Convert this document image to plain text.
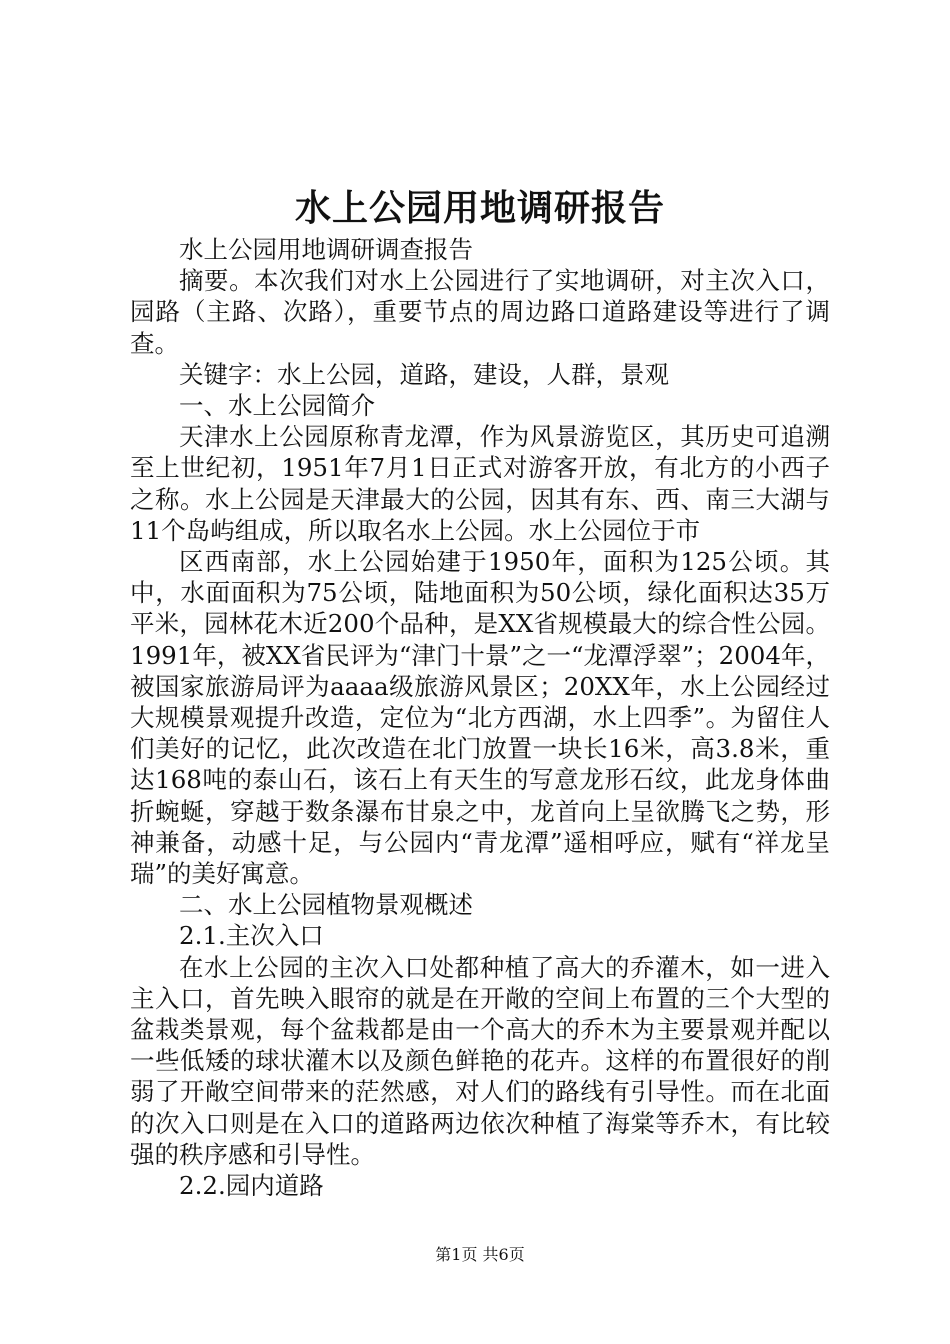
水上公园用地调研报告

水上公园用地调研调查报告

摘要。本次我们对水上公园进行了实地调研，对主次入口，园路（主路、次路），重要节点的周边路口道路建设等进行了调查。

关键字：水上公园，道路，建设，人群，景观

一、水上公园简介

天津水上公园原称青龙潭，作为风景游览区，其历史可追溯至上世纪初，1951年7月1日正式对游客开放，有北方的小西子之称。水上公园是天津最大的公园，因其有东、西、南三大湖与11个岛屿组成，所以取名水上公园。水上公园位于市

区西南部，水上公园始建于1950年，面积为125公顷。其中，水面面积为75公顷，陆地面积为50公顷，绿化面积达35万平米，园林花木近200个品种，是XX省规模最大的综合性公园。1991年，被XX省民评为“津门十景”之一“龙潭浮翠”；2004年，被国家旅游局评为aaaa级旅游风景区；20XX年，水上公园经过大规模景观提升改造，定位为“北方西湖，水上四季”。为留住人们美好的记忆，此次改造在北门放置一块长16米，高3.8米，重达168吨的泰山石，该石上有天生的写意龙形石纹，此龙身体曲折蜿蜒，穿越于数条瀑布甘泉之中，龙首向上呈欲腾飞之势，形神兼备，动感十足，与公园内“青龙潭”遥相呼应，赋有“祥龙呈瑞”的美好寓意。

二、水上公园植物景观概述

2.1.主次入口

在水上公园的主次入口处都种植了高大的乔灌木，如一进入主入口，首先映入眼帘的就是在开敞的空间上布置的三个大型的盆栽类景观，每个盆栽都是由一个高大的乔木为主要景观并配以一些低矮的球状灌木以及颜色鲜艳的花卉。这样的布置很好的削弱了开敞空间带来的茫然感，对人们的路线有引导性。而在北面的次入口则是在入口的道路两边依次种植了海棠等乔木，有比较强的秩序感和引导性。

2.2.园内道路

第1页 共6页
